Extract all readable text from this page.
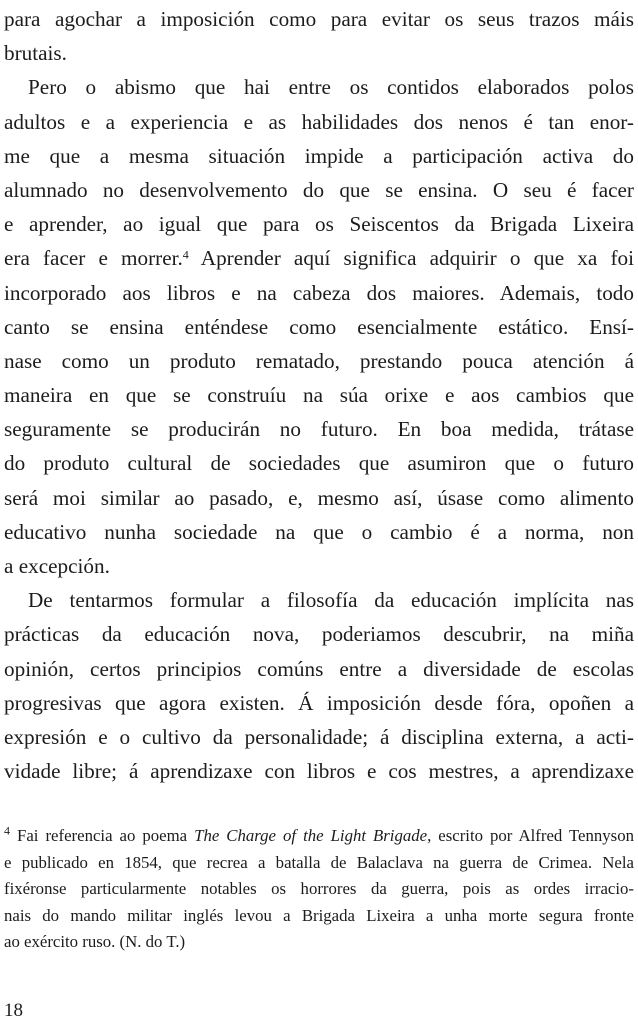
para agochar a imposición como para evitar os seus trazos máis
brutais.
Pero o abismo que hai entre os contidos elaborados polos
adultos e a experiencia e as habilidades dos nenos é tan enor-
me que a mesma situación impide a participación activa do
alumnado no desenvolvemento do que se ensina. O seu é facer
e aprender, ao igual que para os Seiscentos da Brigada Lixeira
era facer e morrer.$^4$ Aprender aquí significa adquirir o que xa foi
incorporado aos libros e na cabeza dos maiores. Ademais, todo
canto se ensina enténdese como esencialmente estático. Ensí-
nase como un produto rematado, prestando pouca atención á
maneira en que se construíu na súa orixe e aos cambios que
seguramente se producirán no futuro. En boa medida, trátase
do produto cultural de sociedades que asumiron que o futuro
será moi similar ao pasado, e, mesmo así, úsase como alimento
educativo nunha sociedade na que o cambio é a norma, non
a excepción.
De tentarmos formular a filosofía da educación implícita nas
prácticas da educación nova, poderiamos descubrir, na miña
opinión, certos principios comúns entre a diversidade de escolas
progresivas que agora existen. Á imposición desde fóra, opoñen a
expresión e o cultivo da personalidade; á disciplina externa, a acti-
vidade libre; á aprendizaxe con libros e cos mestres, a aprendizaxe
$^4$ Fai referencia ao poema The Charge of the Light Brigade, escrito por Alfred Tennyson
e publicado en 1854, que recrea a batalla de Balaclava na guerra de Crimea. Nela
fixéronse particularmente notables os horrores da guerra, pois as ordes irracio-
nais do mando militar inglés levou a Brigada Lixeira a unha morte segura fronte
ao exército ruso. (N. do T.)
18
